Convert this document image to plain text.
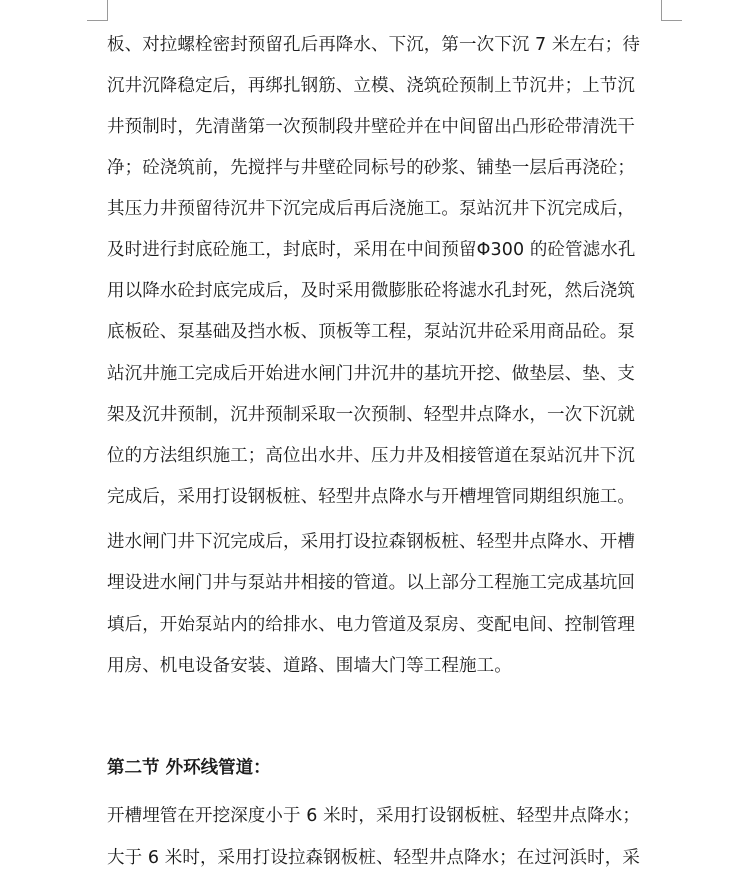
板、对拉螺栓密封预留孔后再降水、下沉，第一次下沉 7 米左右；待
沉井沉降稳定后，再绑扎钢筋、立模、浇筑砼预制上节沉井；上节沉
井预制时，先清凿第一次预制段井壁砼并在中间留出凸形砼带清洗干
净；砼浇筑前，先搅拌与井壁砼同标号的砂浆、铺垫一层后再浇砼；
其压力井预留待沉井下沉完成后再后浇施工。泵站沉井下沉完成后，
及时进行封底砼施工，封底时，采用在中间预留Φ300 的砼管滤水孔
用以降水砼封底完成后，及时采用微膨胀砼将滤水孔封死，然后浇筑
底板砼、泵基础及挡水板、顶板等工程，泵站沉井砼采用商品砼。泵
站沉井施工完成后开始进水闸门井沉井的基坑开挖、做垫层、垫、支
架及沉井预制，沉井预制采取一次预制、轻型井点降水，一次下沉就
位的方法组织施工；高位出水井、压力井及相接管道在泵站沉井下沉
完成后，采用打设钢板桩、轻型井点降水与开槽埋管同期组织施工。
进水闸门井下沉完成后，采用打设拉森钢板桩、轻型井点降水、开槽
埋设进水闸门井与泵站井相接的管道。以上部分工程施工完成基坑回
填后，开始泵站内的给排水、电力管道及泵房、变配电间、控制管理
用房、机电设备安装、道路、围墙大门等工程施工。
第二节 外环线管道：
开槽埋管在开挖深度小于 6 米时，采用打设钢板桩、轻型井点降水；
大于 6 米时，采用打设拉森钢板桩、轻型井点降水；在过河浜时，采
